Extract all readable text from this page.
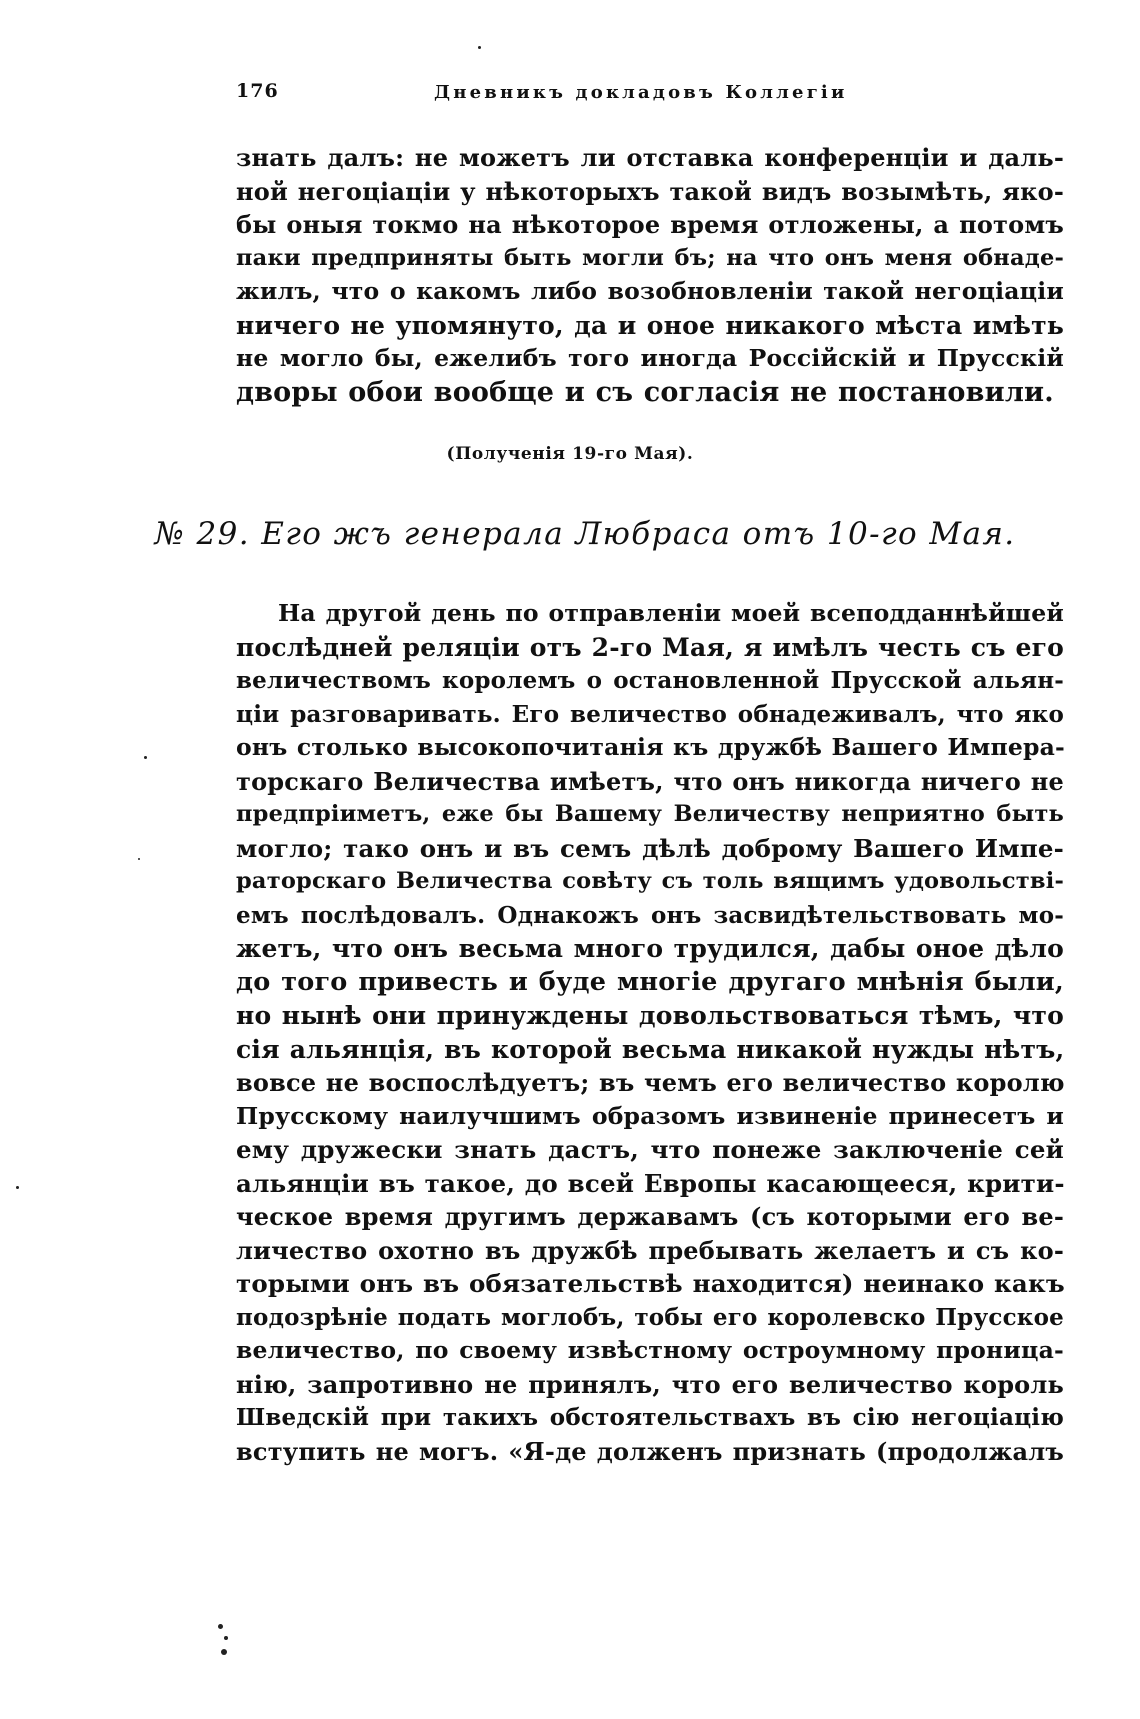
176	Дневникъ докладовъ Коллегіи
знать далъ: не можетъ ли отставка конференціи и даль-
ной негоціаціи у нѣкоторыхъ такой видъ возымѣть, яко-
бы оныя токмо на нѣкоторое время отложены, а потомъ
паки предприняты быть могли бъ; на что онъ меня обнаде-
жилъ, что о какомъ либо возобновленіи такой негоціаціи
ничего не упомянуто, да и оное никакого мѣста имѣть
не могло бы, ежелибъ того иногда Россійскій и Прусскій
дворы обои вообще и съ согласія не постановили.
(Полученія 19-го Мая).
№ 29. Его жъ генерала Любраса отъ 10-го Мая.
На другой день по отправленіи моей всеподданнѣйшей
послѣдней реляціи отъ 2-го Мая, я имѣлъ честь съ его
величествомъ королемъ о остановленной Прусской альян-
ціи разговаривать. Его величество обнадеживалъ, что яко
онъ столько высокопочитанія къ дружбѣ Вашего Импера-
торскаго Величества имѣетъ, что онъ никогда ничего не
предпріиметъ, еже бы Вашему Величеству неприятно быть
могло; тако онъ и въ семъ дѣлѣ доброму Вашего Импе-
раторскаго Величества совѣту съ толь вящимъ удовольствi-
емъ послѣдовалъ. Однакожъ онъ засвидѣтельствовать мо-
жетъ, что онъ весьма много трудился, дабы оное дѣло
до того привесть и буде многіе другаго мнѣнія были,
но нынѣ они принуждены довольствоваться тѣмъ, что
сія альянція, въ которой весьма никакой нужды нѣтъ,
вовсе не воспослѣдуетъ; въ чемъ его величество королю
Прусскому наилучшимъ образомъ извиненіе принесетъ и
ему дружески знать дастъ, что понеже заключеніе сей
альянціи въ такое, до всей Европы касающееся, крити-
ческое время другимъ державамъ (съ которыми его ве-
личество охотно въ дружбѣ пребывать желаетъ и съ ко-
торыми онъ въ обязательствѣ находится) неинако какъ
подозрѣніе подать моглобъ, тобы его королевско Прусское
величество, по своему извѣстному остроумному проница-
нію, запротивно не принялъ, что его величество король
Шведскій при такихъ обстоятельствахъ въ сію негоціацію
вступить не могъ. «Я-де долженъ признать (продолжалъ
